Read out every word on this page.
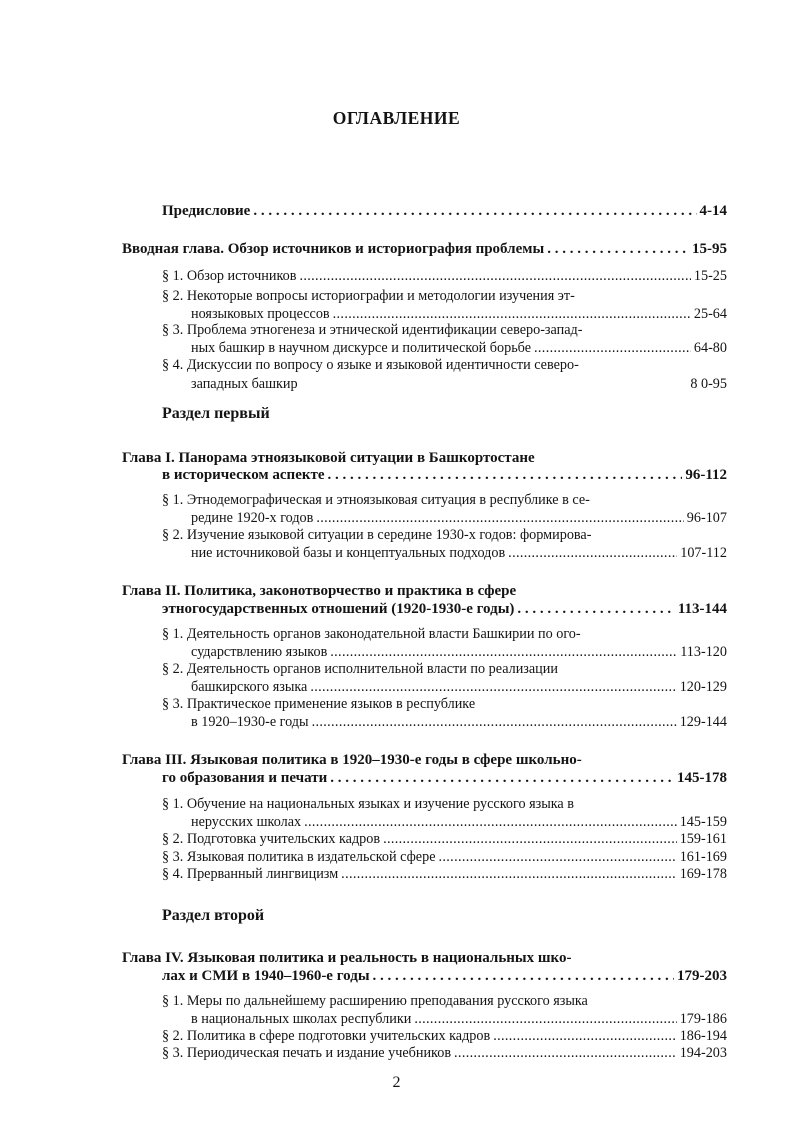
ОГЛАВЛЕНИЕ
Предисловие . . .	4-14
Вводная глава. Обзор источников и историография проблемы . . .	15-95
§ 1. Обзор источников . . .	15-25
§ 2. Некоторые вопросы историографии и методологии изучения эт-
ноязыковых процессов . . .	25-64
§ 3. Проблема этногенеза и этнической идентификации северо-запад-
ных башкир в научном дискурсе и политической борьбе . . .	64-80
§ 4. Дискуссии по вопросу о языке и языковой идентичности северо-
западных башкир	8 0-95
Раздел первый
Глава I. Панорама этноязыковой ситуации в Башкортостане
в историческом аспекте . . .	96-112
§ 1. Этнодемографическая и этноязыковая ситуация в республике в се-
редине 1920-х годов . . .	96-107
§ 2. Изучение языковой ситуации в середине 1930-х годов: формирова-
ние источниковой базы и концептуальных подходов . . .	107-112
Глава II. Политика, законотворчество и практика в сфере
этногосударственных отношений (1920-1930-е годы) . . .	113-144
§ 1. Деятельность органов законодательной власти Башкирии по ого-
сударствлению языков . . .	113-120
§ 2. Деятельность органов исполнительной власти по реализации
башкирского языка . . .	120-129
§ 3. Практическое применение языков в республике
в 1920–1930-е годы . . .	129-144
Глава III. Языковая политика в 1920–1930-е годы в сфере школьно-
го образования и печати . . .	145-178
§ 1. Обучение на национальных языках и изучение русского языка в
нерусских школах . . .	145-159
§ 2. Подготовка учительских кадров . . .	159-161
§ 3. Языковая политика в издательской сфере . . .	161-169
§ 4. Прерванный лингвицизм . . .	169-178
Раздел второй
Глава IV. Языковая политика и реальность в национальных шко-
лах и СМИ в 1940–1960-е годы . . .	179-203
§ 1. Меры по дальнейшему расширению преподавания русского языка
в национальных школах республики . . .	179-186
§ 2. Политика в сфере подготовки учительских кадров . . .	186-194
§ 3. Периодическая печать и издание учебников . . .	194-203
2
